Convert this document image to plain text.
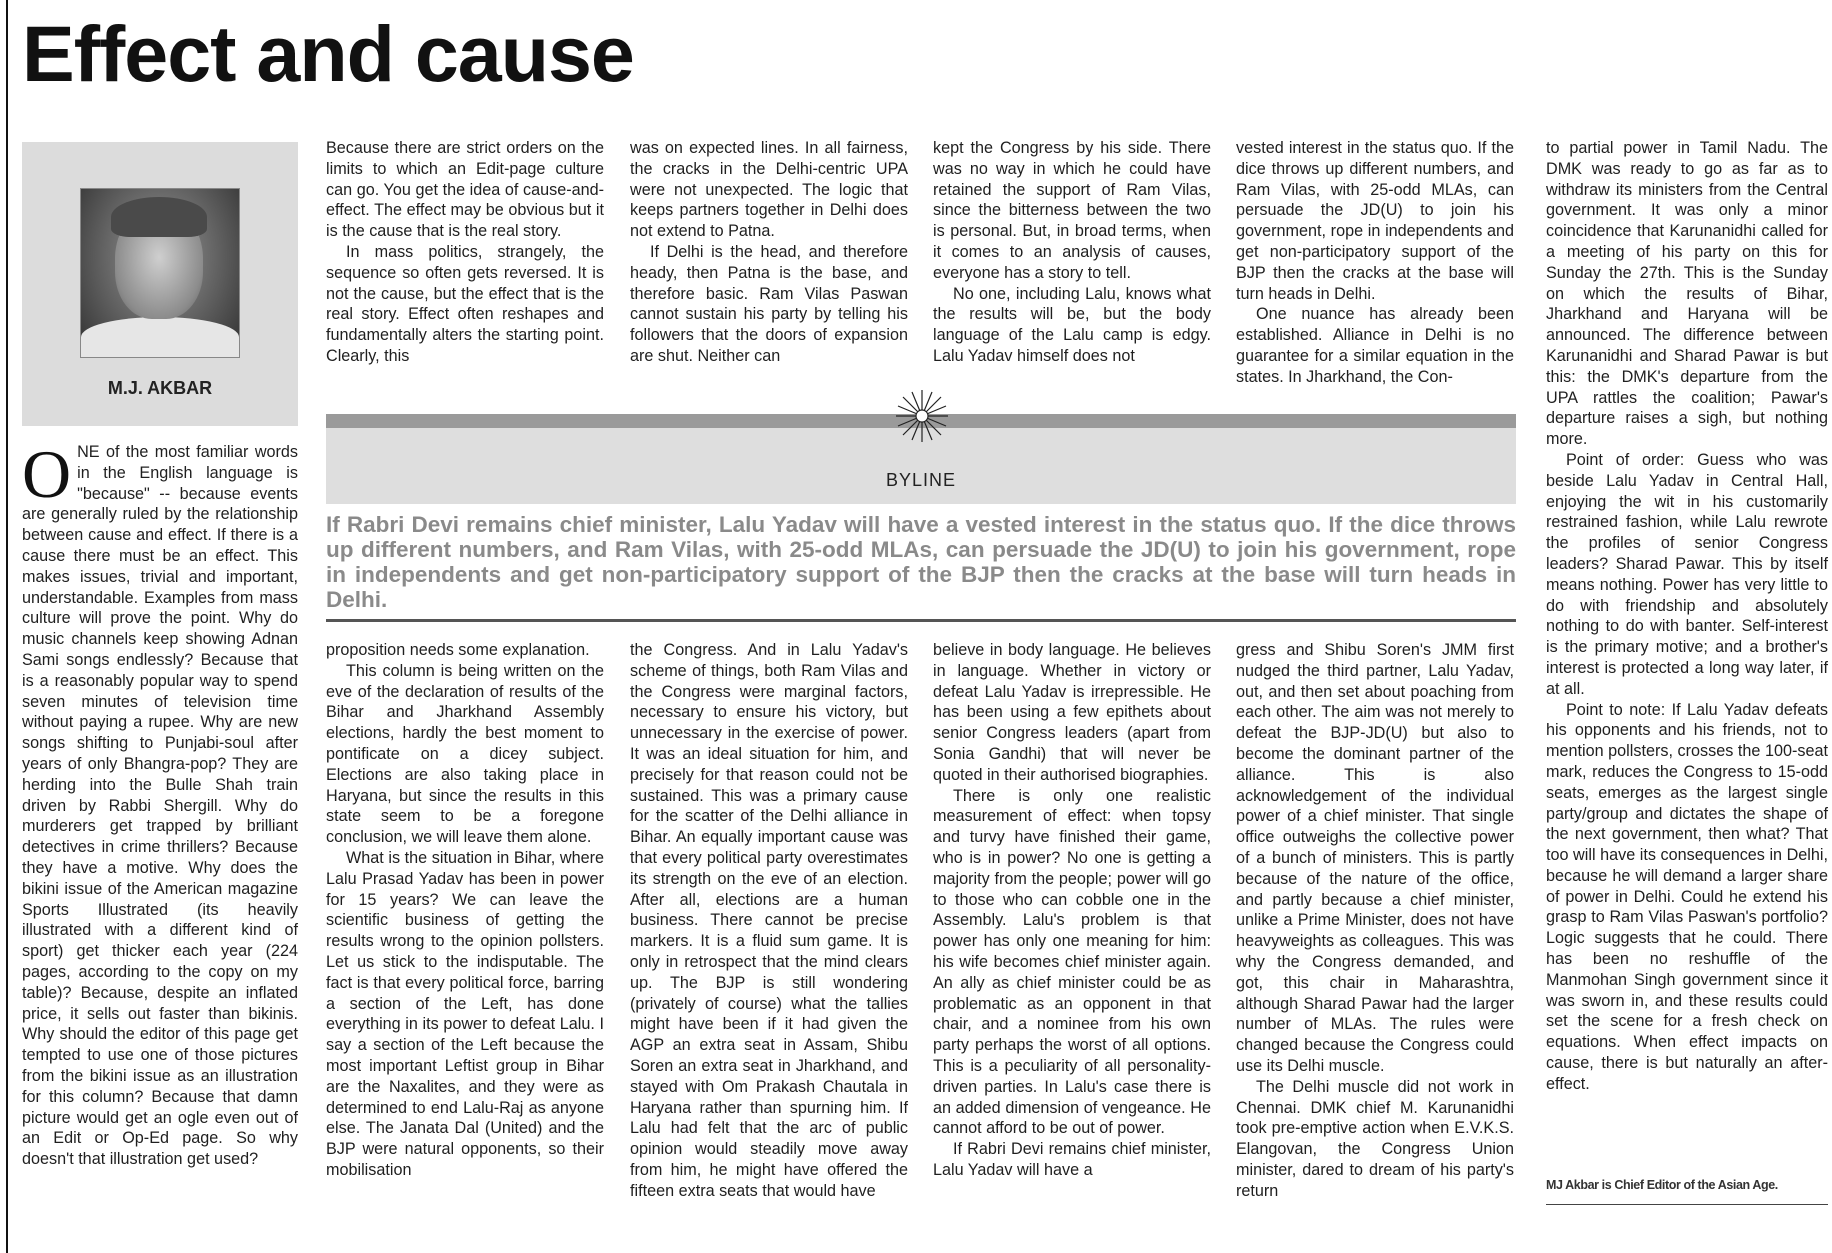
Effect and cause
M.J. AKBAR

ONE of the most familiar words in the English language is "because" -- because events are generally ruled by the relationship between cause and effect. If there is a cause there must be an effect. This makes issues, trivial and important, understandable. Examples from mass culture will prove the point. Why do music channels keep showing Adnan Sami songs endlessly? Because that is a reasonably popular way to spend seven minutes of television time without paying a rupee. Why are new songs shifting to Punjabi-soul after years of only Bhangra-pop? They are herding into the Bulle Shah train driven by Rabbi Shergill. Why do murderers get trapped by brilliant detectives in crime thrillers? Because they have a motive. Why does the bikini issue of the American magazine Sports Illustrated (its heavily illustrated with a different kind of sport) get thicker each year (224 pages, according to the copy on my table)? Because, despite an inflated price, it sells out faster than bikinis. Why should the editor of this page get tempted to use one of those pictures from the bikini issue as an illustration for this column? Because that damn picture would get an ogle even out of an Edit or Op-Ed page. So why doesn't that illustration get used?

Because there are strict orders on the limits to which an Edit-page culture can go. You get the idea of cause-and-effect. The effect may be obvious but it is the cause that is the real story.

In mass politics, strangely, the sequence so often gets reversed. It is not the cause, but the effect that is the real story. Effect often reshapes and fundamentally alters the starting point. Clearly, this

was on expected lines. In all fairness, the cracks in the Delhi-centric UPA were not unexpected. The logic that keeps partners together in Delhi does not extend to Patna.

If Delhi is the head, and therefore heady, then Patna is the base, and therefore basic. Ram Vilas Paswan cannot sustain his party by telling his followers that the doors of expansion are shut. Neither can

kept the Congress by his side. There was no way in which he could have retained the support of Ram Vilas, since the bitterness between the two is personal. But, in broad terms, when it comes to an analysis of causes, everyone has a story to tell.

No one, including Lalu, knows what the results will be, but the body language of the Lalu camp is edgy. Lalu Yadav himself does not

vested interest in the status quo. If the dice throws up different numbers, and Ram Vilas, with 25-odd MLAs, can persuade the JD(U) to join his government, rope in independents and get non-participatory support of the BJP then the cracks at the base will turn heads in Delhi.

One nuance has already been established. Alliance in Delhi is no guarantee for a similar equation in the states. In Jharkhand, the Con-

to partial power in Tamil Nadu. The DMK was ready to go as far as to withdraw its ministers from the Central government. It was only a minor coincidence that Karunanidhi called for a meeting of his party on this for Sunday the 27th. This is the Sunday on which the results of Bihar, Jharkhand and Haryana will be announced. The difference between Karunanidhi and Sharad Pawar is but this: the DMK's departure from the UPA rattles the coalition; Pawar's departure raises a sigh, but nothing more.

Point of order: Guess who was beside Lalu Yadav in Central Hall, enjoying the wit in his customarily restrained fashion, while Lalu rewrote the profiles of senior Congress leaders? Sharad Pawar. This by itself means nothing. Power has very little to do with friendship and absolutely nothing to do with banter. Self-interest is the primary motive; and a brother's interest is protected a long way later, if at all.

Point to note: If Lalu Yadav defeats his opponents and his friends, not to mention pollsters, crosses the 100-seat mark, reduces the Congress to 15-odd seats, emerges as the largest single party/group and dictates the shape of the next government, then what? That too will have its consequences in Delhi, because he will demand a larger share of power in Delhi. Could he extend his grasp to Ram Vilas Paswan's portfolio? Logic suggests that he could. There has been no reshuffle of the Manmohan Singh government since it was sworn in, and these results could set the scene for a fresh check on equations. When effect impacts on cause, there is but naturally an after-effect.

BYLINE

If Rabri Devi remains chief minister, Lalu Yadav will have a vested interest in the status quo. If the dice throws up different numbers, and Ram Vilas, with 25-odd MLAs, can persuade the JD(U) to join his government, rope in independents and get non-participatory support of the BJP then the cracks at the base will turn heads in Delhi.

proposition needs some explanation.

This column is being written on the eve of the declaration of results of the Bihar and Jharkhand Assembly elections, hardly the best moment to pontificate on a dicey subject. Elections are also taking place in Haryana, but since the results in this state seem to be a foregone conclusion, we will leave them alone.

What is the situation in Bihar, where Lalu Prasad Yadav has been in power for 15 years? We can leave the scientific business of getting the results wrong to the opinion pollsters. Let us stick to the indisputable. The fact is that every political force, barring a section of the Left, has done everything in its power to defeat Lalu. I say a section of the Left because the most important Leftist group in Bihar are the Naxalites, and they were as determined to end Lalu-Raj as anyone else. The Janata Dal (United) and the BJP were natural opponents, so their mobilisation

the Congress. And in Lalu Yadav's scheme of things, both Ram Vilas and the Congress were marginal factors, necessary to ensure his victory, but unnecessary in the exercise of power. It was an ideal situation for him, and precisely for that reason could not be sustained. This was a primary cause for the scatter of the Delhi alliance in Bihar. An equally important cause was that every political party overestimates its strength on the eve of an election. After all, elections are a human business. There cannot be precise markers. It is a fluid sum game. It is only in retrospect that the mind clears up. The BJP is still wondering (privately of course) what the tallies might have been if it had given the AGP an extra seat in Assam, Shibu Soren an extra seat in Jharkhand, and stayed with Om Prakash Chautala in Haryana rather than spurning him. If Lalu had felt that the arc of public opinion would steadily move away from him, he might have offered the fifteen extra seats that would have

believe in body language. He believes in language. Whether in victory or defeat Lalu Yadav is irrepressible. He has been using a few epithets about senior Congress leaders (apart from Sonia Gandhi) that will never be quoted in their authorised biographies.

There is only one realistic measurement of effect: when topsy and turvy have finished their game, who is in power? No one is getting a majority from the people; power will go to those who can cobble one in the Assembly. Lalu's problem is that power has only one meaning for him: his wife becomes chief minister again. An ally as chief minister could be as problematic as an opponent in that chair, and a nominee from his own party perhaps the worst of all options. This is a peculiarity of all personality-driven parties. In Lalu's case there is an added dimension of vengeance. He cannot afford to be out of power.

If Rabri Devi remains chief minister, Lalu Yadav will have a

gress and Shibu Soren's JMM first nudged the third partner, Lalu Yadav, out, and then set about poaching from each other. The aim was not merely to defeat the BJP-JD(U) but also to become the dominant partner of the alliance. This is also acknowledgement of the individual power of a chief minister. That single office outweighs the collective power of a bunch of ministers. This is partly because of the nature of the office, and partly because a chief minister, unlike a Prime Minister, does not have heavyweights as colleagues. This was why the Congress demanded, and got, this chair in Maharashtra, although Sharad Pawar had the larger number of MLAs. The rules were changed because the Congress could use its Delhi muscle.

The Delhi muscle did not work in Chennai. DMK chief M. Karunanidhi took pre-emptive action when E.V.K.S. Elangovan, the Congress Union minister, dared to dream of his party's return	MJ Akbar is Chief Editor of the Asian Age.
